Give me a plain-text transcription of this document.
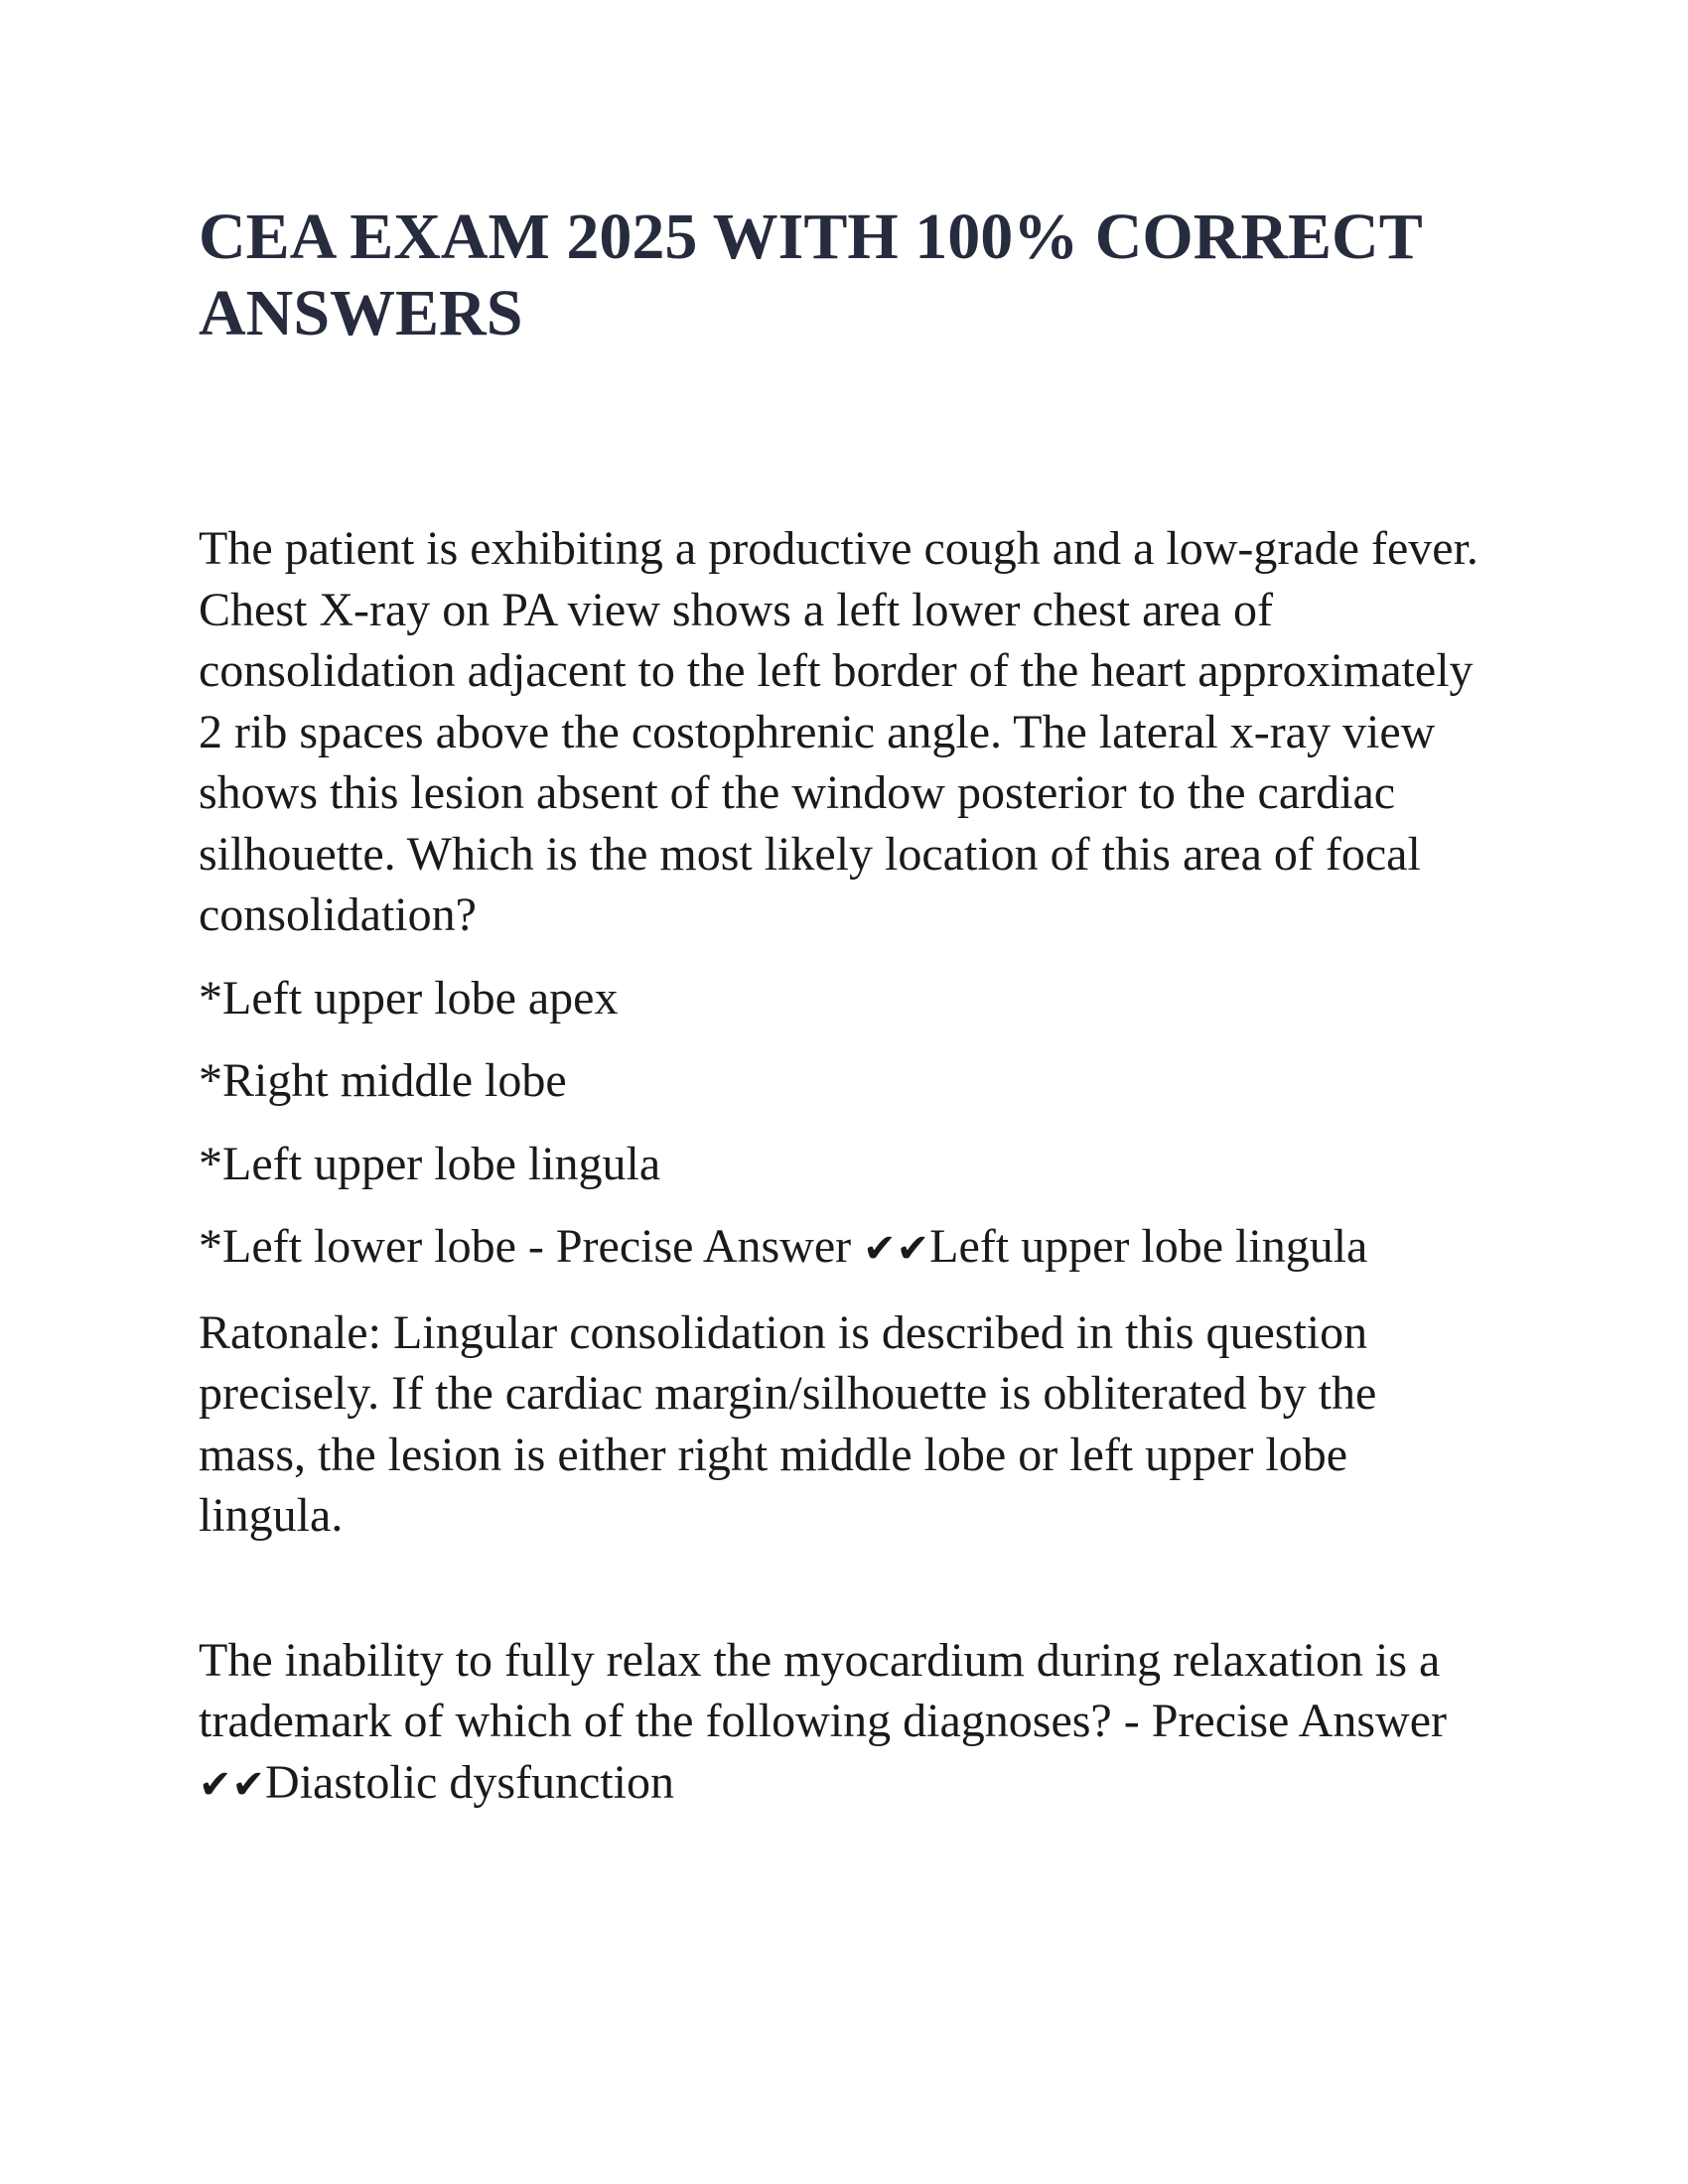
CEA EXAM 2025 WITH 100% CORRECT ANSWERS

The patient is exhibiting a productive cough and a low-grade fever. Chest X-ray on PA view shows a left lower chest area of consolidation adjacent to the left border of the heart approximately 2 rib spaces above the costophrenic angle. The lateral x-ray view shows this lesion absent of the window posterior to the cardiac silhouette. Which is the most likely location of this area of focal consolidation?

*Left upper lobe apex

*Right middle lobe

*Left upper lobe lingula

*Left lower lobe - Precise Answer ✔✔Left upper lobe lingula

Ratonale: Lingular consolidation is described in this question precisely. If the cardiac margin/silhouette is obliterated by the mass, the lesion is either right middle lobe or left upper lobe lingula.

The inability to fully relax the myocardium during relaxation is a trademark of which of the following diagnoses? - Precise Answer ✔✔Diastolic dysfunction
